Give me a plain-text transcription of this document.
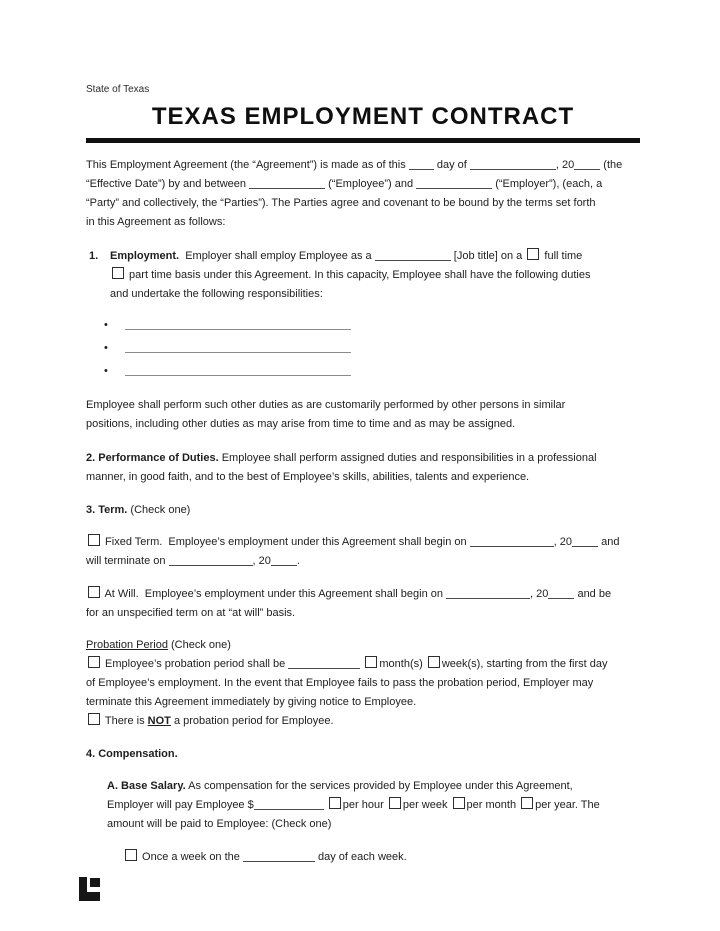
State of Texas

TEXAS EMPLOYMENT CONTRACT
This Employment Agreement (the “Agreement”) is made as of this  day of	, 20 (the
“Effective Date”) by and between	(“Employee”) and	(“Employer”), (each, a
“Party” and collectively, the “Parties”). The Parties agree and covenant to be bound by the terms set forth
in this Agreement as follows:
1. Employment.  Employer shall employ Employee as a	[Job title] on a  full time
part time basis under this Agreement. In this capacity, Employee shall have the following duties
and undertake the following responsibilities:
•
•
•
Employee shall perform such other duties as are customarily performed by other persons in similar
positions, including other duties as may arise from time to time and as may be assigned.
2. Performance of Duties. Employee shall perform assigned duties and responsibilities in a professional
manner, in good faith, and to the best of Employee’s skills, abilities, talents and experience.
3. Term. (Check one)
Fixed Term.  Employee’s employment under this Agreement shall begin on	, 20 and
will terminate on	, 20 .
At Will.  Employee’s employment under this Agreement shall begin on	, 20 and be
for an unspecified term on at “at will” basis.
Probation Period (Check one)
Employee’s probation period shall be	month(s) week(s), starting from the first day
of Employee’s employment. In the event that Employee fails to pass the probation period, Employer may
terminate this Agreement immediately by giving notice to Employee.
There is NOT a probation period for Employee.
4. Compensation.
A. Base Salary. As compensation for the services provided by Employee under this Agreement,
Employer will pay Employee $	per hour per week per month per year. The
amount will be paid to Employee: (Check one)
Once a week on the	day of each week.
